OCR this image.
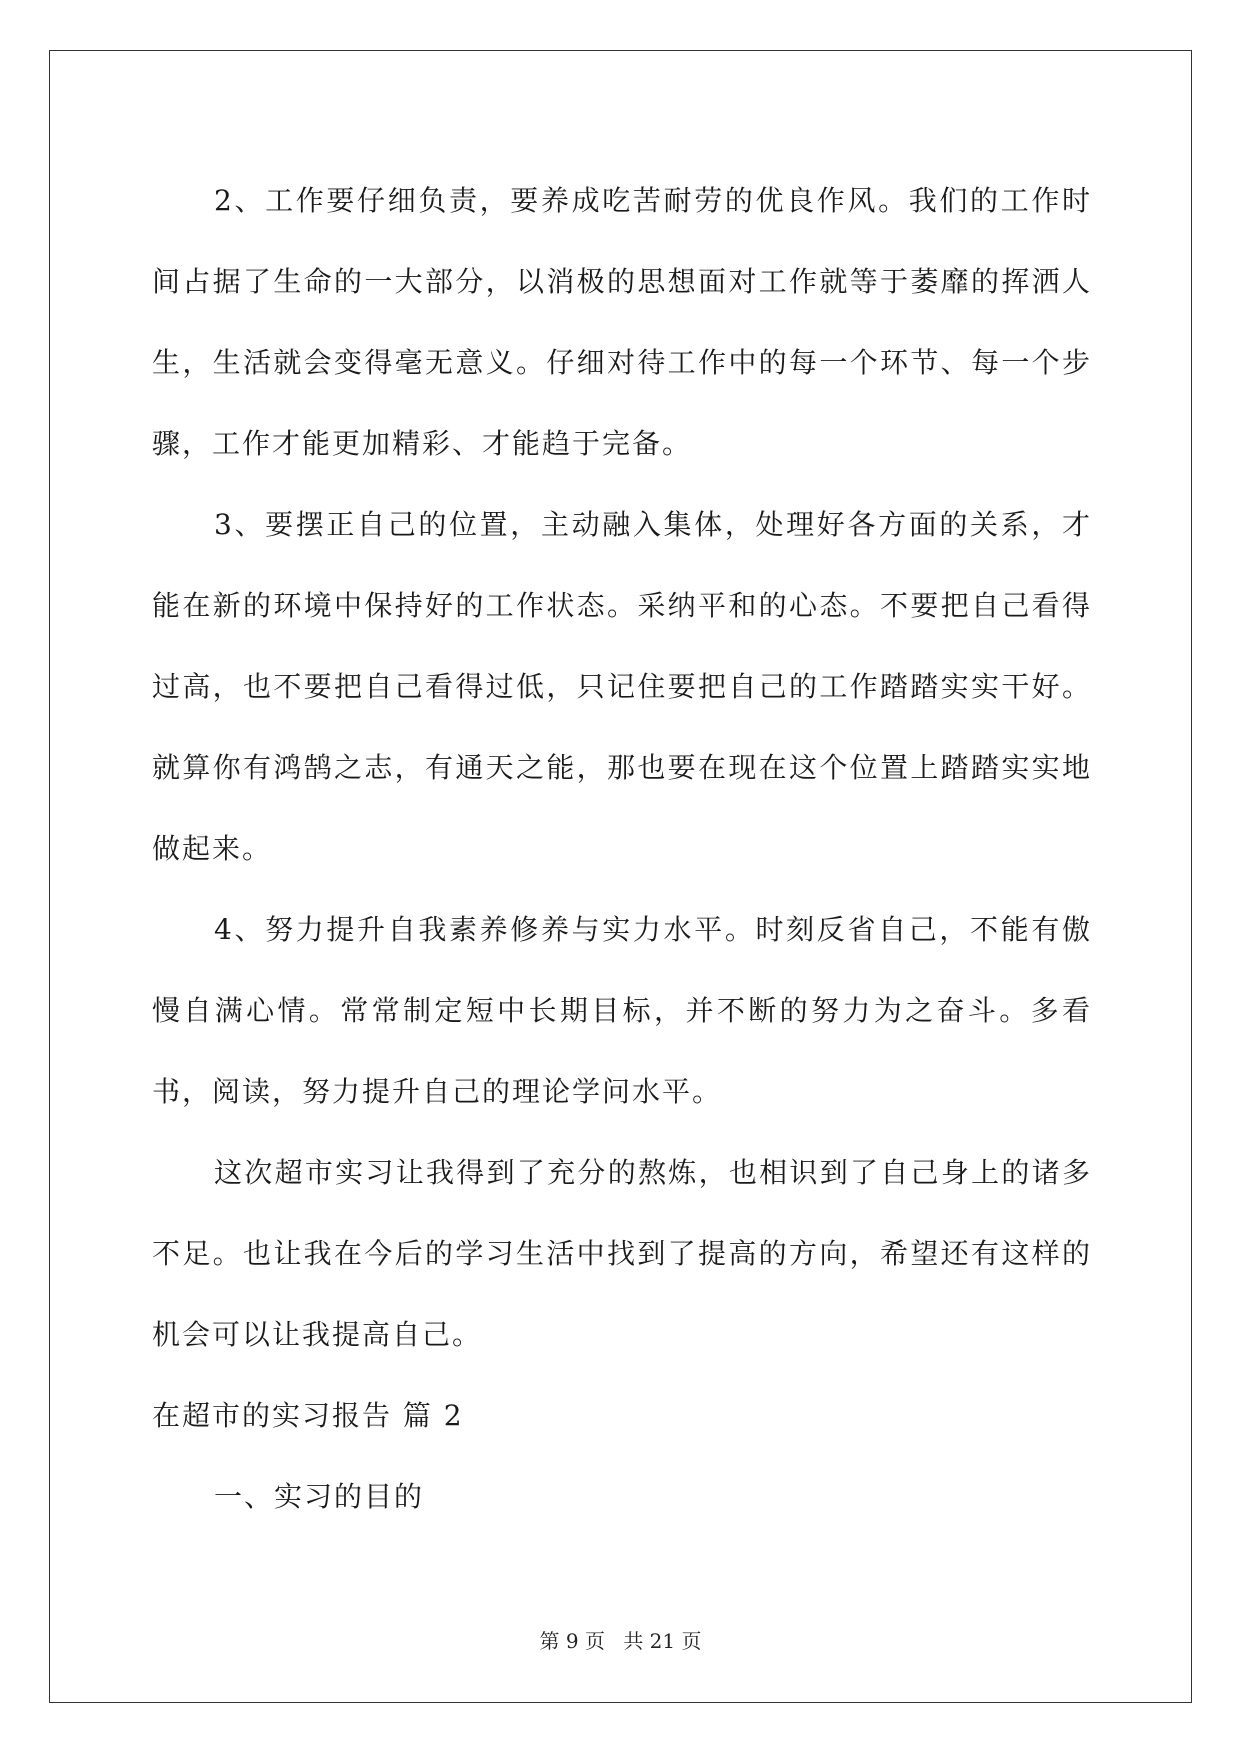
2、工作要仔细负责，要养成吃苦耐劳的优良作风。我们的工作时间占据了生命的一大部分，以消极的思想面对工作就等于萎靡的挥洒人生，生活就会变得毫无意义。仔细对待工作中的每一个环节、每一个步骤，工作才能更加精彩、才能趋于完备。

3、要摆正自己的位置，主动融入集体，处理好各方面的关系，才能在新的环境中保持好的工作状态。采纳平和的心态。不要把自己看得过高，也不要把自己看得过低，只记住要把自己的工作踏踏实实干好。就算你有鸿鹄之志，有通天之能，那也要在现在这个位置上踏踏实实地做起来。

4、努力提升自我素养修养与实力水平。时刻反省自己，不能有傲慢自满心情。常常制定短中长期目标，并不断的努力为之奋斗。多看书，阅读，努力提升自己的理论学问水平。

这次超市实习让我得到了充分的熬炼，也相识到了自己身上的诸多不足。也让我在今后的学习生活中找到了提高的方向，希望还有这样的机会可以让我提高自己。

在超市的实习报告 篇 2

一、实习的目的

第 9 页 共 21 页
